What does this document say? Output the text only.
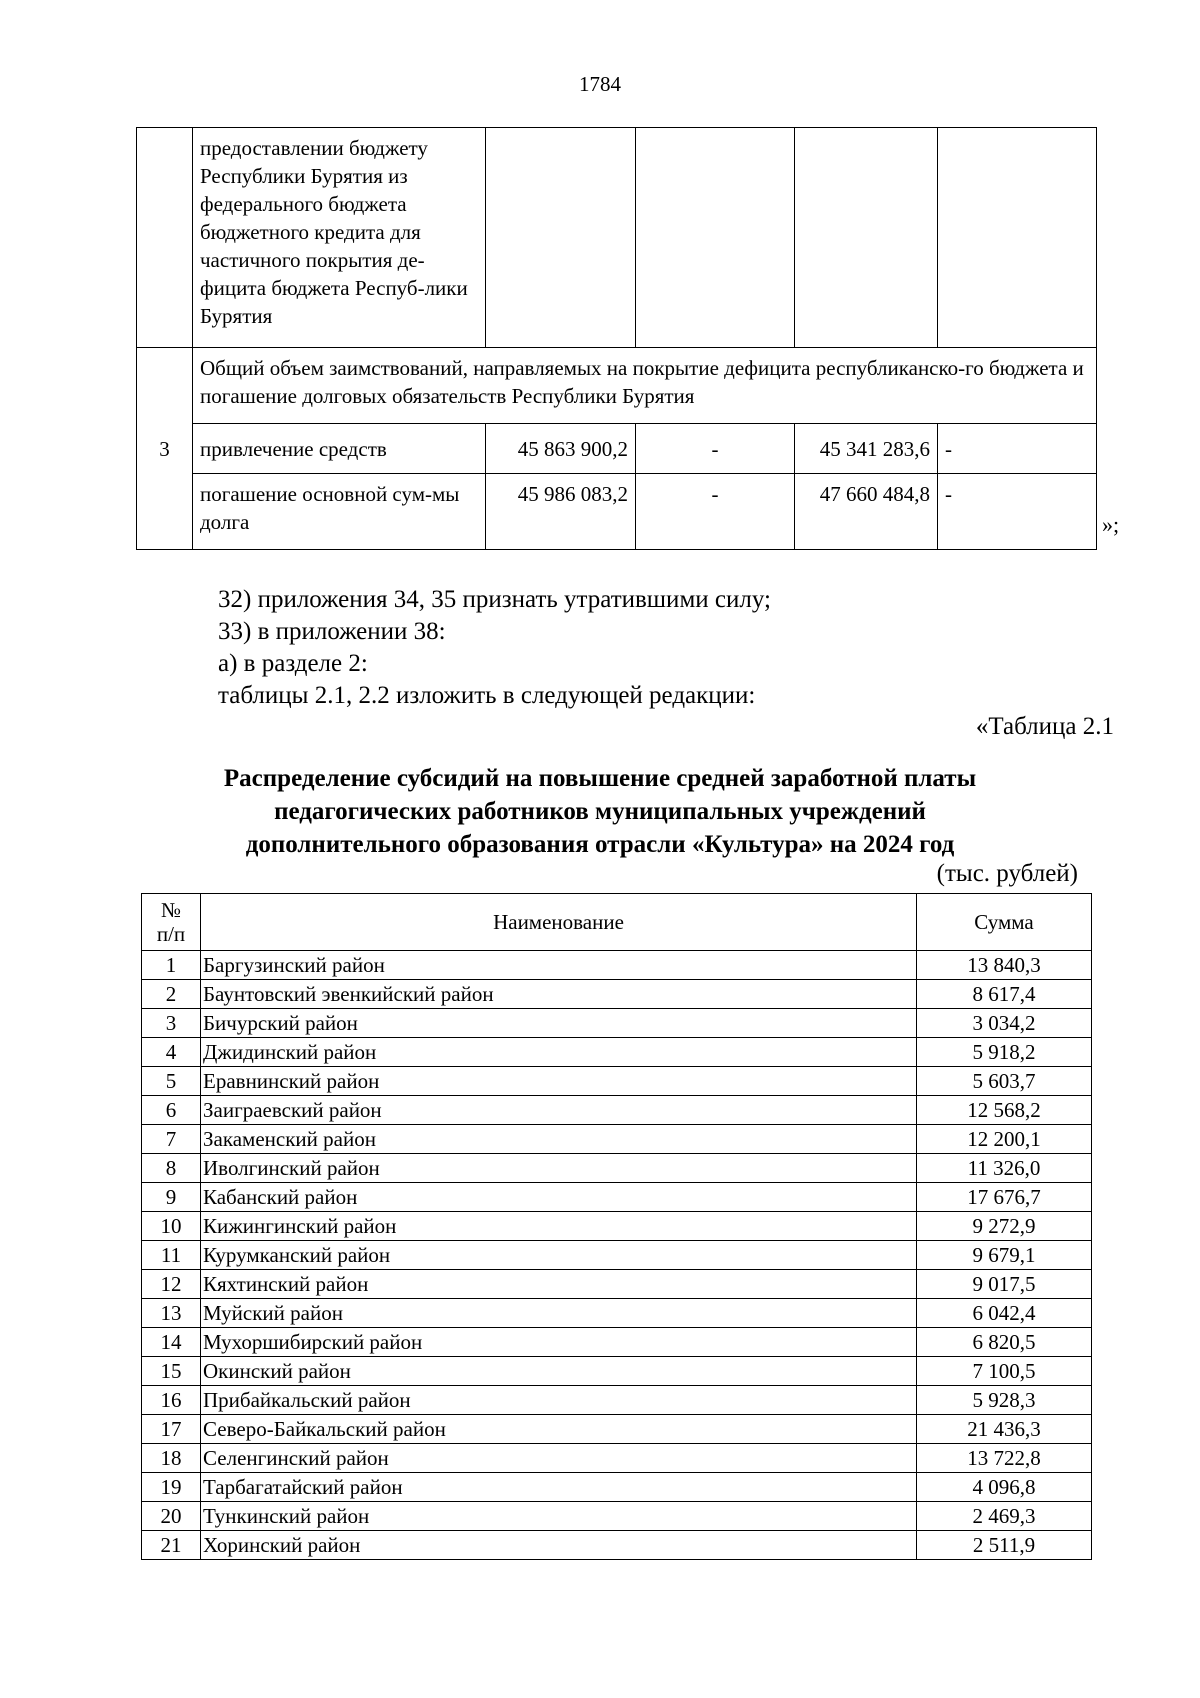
1784
	предоставлении бюджету Республики Бурятия из федерального бюджета бюджетного кредита для частичного покрытия де-фицита бюджета Респуб-лики Бурятия				
3	Общий объем заимствований, направляемых на покрытие дефицита республиканско-го бюджета и погашение долговых обязательств Республики Бурятия				
	привлечение средств	45 863 900,2	-	45 341 283,6	-
	погашение основной сум-мы долга	45 986 083,2	-	47 660 484,8	-
»;
32) приложения 34, 35 признать утратившими силу;
33) в приложении 38:
а) в разделе 2:
таблицы 2.1, 2.2 изложить в следующей редакции:
«Таблица 2.1
Распределение субсидий на повышение средней заработной платы
педагогических работников муниципальных учреждений
дополнительного образования отрасли «Культура» на 2024 год
(тыс. рублей)
№
п/п	Наименование	Сумма
1	Баргузинский район	13 840,3
2	Баунтовский эвенкийский район	8 617,4
3	Бичурский район	3 034,2
4	Джидинский район	5 918,2
5	Еравнинский район	5 603,7
6	Заиграевский район	12 568,2
7	Закаменский район	12 200,1
8	Иволгинский район	11 326,0
9	Кабанский район	17 676,7
10	Кижингинский район	9 272,9
11	Курумканский район	9 679,1
12	Кяхтинский район	9 017,5
13	Муйский район	6 042,4
14	Мухоршибирский район	6 820,5
15	Окинский район	7 100,5
16	Прибайкальский район	5 928,3
17	Северо-Байкальский район	21 436,3
18	Селенгинский район	13 722,8
19	Тарбагатайский район	4 096,8
20	Тункинский район	2 469,3
21	Хоринский район	2 511,9
